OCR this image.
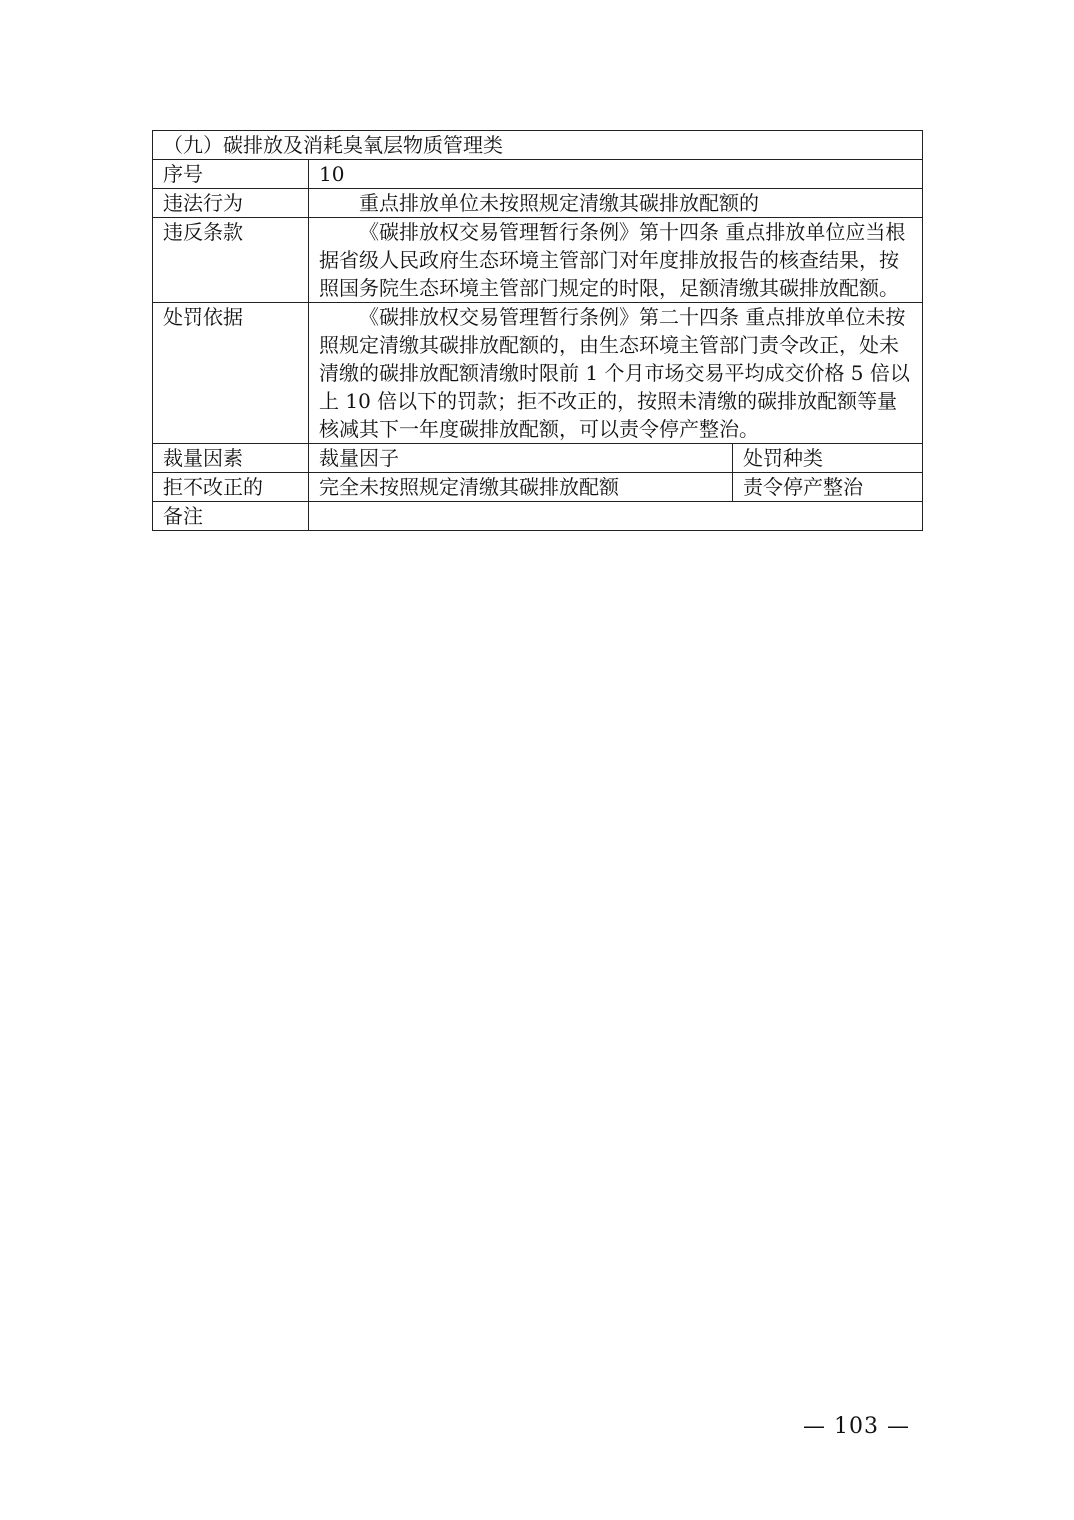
（九）碳排放及消耗臭氧层物质管理类		
序号	10	
违法行为	重点排放单位未按照规定清缴其碳排放配额的	
违反条款	《碳排放权交易管理暂行条例》第十四条 重点排放单位应当根据省级人民政府生态环境主管部门对年度排放报告的核查结果，按照国务院生态环境主管部门规定的时限，足额清缴其碳排放配额。	
处罚依据	《碳排放权交易管理暂行条例》第二十四条 重点排放单位未按照规定清缴其碳排放配额的，由生态环境主管部门责令改正，处未清缴的碳排放配额清缴时限前 1 个月市场交易平均成交价格 5 倍以上 10 倍以下的罚款；拒不改正的，按照未清缴的碳排放配额等量核减其下一年度碳排放配额，可以责令停产整治。	
裁量因素	裁量因子	处罚种类
拒不改正的	完全未按照规定清缴其碳排放配额	责令停产整治
备注		
— 103 —
